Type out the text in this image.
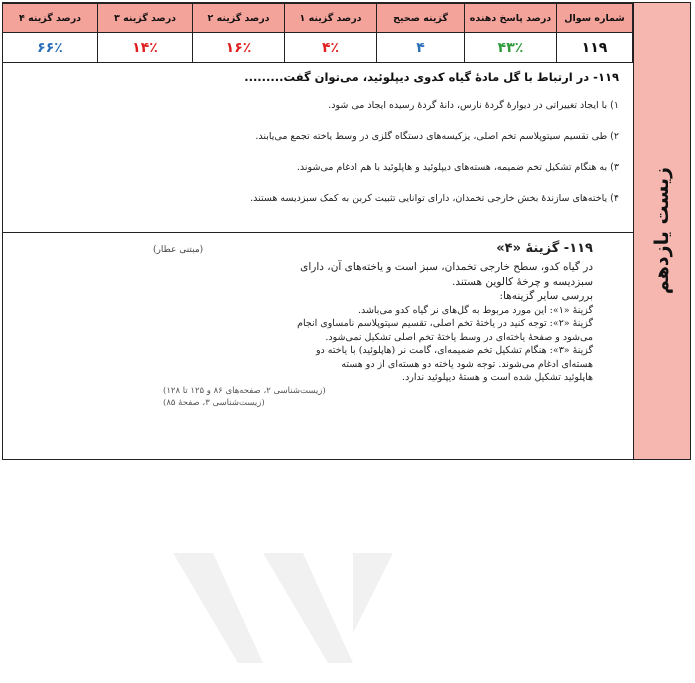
زیست یازدهم
شماره سوال	درصد پاسخ دهنده	گزینه صحیح	درصد گزینه ۱	درصد گزینه ۲	درصد گزینه ۳	درصد گزینه ۴
۱۱۹	۴۳٪	۴	۴٪	۱۶٪	۱۴٪	۶۶٪
۱۱۹- در ارتباط با گل مادهٔ گیاه کدوی دیپلوئید، می‌توان گفت.........
۱) با ایجاد تغییراتی در دیوارهٔ گردهٔ نارس، دانهٔ گردهٔ رسیده ایجاد می‌ شود.
۲) طی تقسیم سیتوپلاسم تخم اصلی، یزکیسه‌های دستگاه گلزی در وسط یاخته تجمع می‌یابند.
۳) به هنگام تشکیل تخم ضمیمه، هسته‌های دیپلوئید و هاپلوئید با هم ادغام می‌شوند.
۴) یاخته‌های سازندهٔ بخش خارجی تخمدان، دارای توانایی تثبیت کربن به کمک سبزدیسه هستند.
۱۱۹- گزینهٔ «۴»
(مبتنی عطار)
در گیاه کدو، سطح خارجی تخمدان، سبز است و یاخته‌های آن، دارای
سبزدیسه و چرخهٔ کالوین هستند.
بررسی سایر گزینه‌ها:
گزینهٔ «۱»: این مورد مربوط به گل‌های نر گیاه کدو می‌باشد.
گزینهٔ «۲»: توجه کنید در یاختهٔ تخم اصلی، تقسیم سیتوپلاسم نامساوی انجام
می‌شود و صفحهٔ یاخته‌ای در وسط یاختهٔ تخم اصلی تشکیل نمی‌شود.
گزینهٔ «۳»: هنگام تشکیل تخم ضمیمه‌ای، گامت نر (هاپلوئید) با یاخته دو
هسته‌ای ادغام می‌شوند. توجه شود یاخته دو هسته‌ای از دو هسته
هاپلوئید تشکیل شده است و هستهٔ دیپلوئید ندارد.
(زیست‌شناسی ۲، صفحه‌های ۸۶ و ۱۲۵ تا ۱۲۸)
(زیست‌شناسی ۳، صفحهٔ ۸۵)
